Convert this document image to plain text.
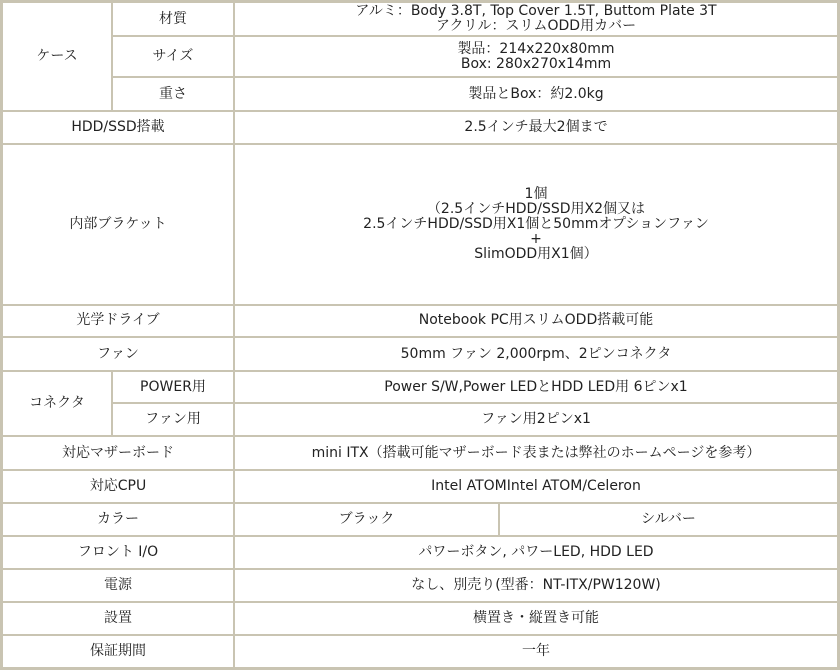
ケース	材質	アルミ：Body 3.8T, Top Cover 1.5T, Buttom Plate 3T
アクリル：スリムODD用カバー	

	サイズ	製品：214x220x80mm
Box: 280x270x14mm	

	重さ	製品とBox：約2.0kg	
HDD/SSD搭載		2.5インチ最大2個まで	
内部ブラケット		1個
（2.5インチHDD/SSD用X2個又は
2.5インチHDD/SSD用X1個と50mmオプションファン
+
SlimODD用X1個）	

光学ドライブ		Notebook PC用スリムODD搭載可能	
ファン		50mm ファン 2,000rpm、2ピンコネクタ	
コネクタ	POWER用	Power S/W,Power LEDとHDD LED用 6ピンx1	
	ファン用	ファン用2ピンx1	
対応マザーボード		mini ITX（搭載可能マザーボード表または弊社のホームページを参考）	
対応CPU		Intel ATOMIntel ATOM/Celeron	
カラー		ブラック	シルバー
フロント I/O		パワーボタン, パワーLED, HDD LED	
電源		なし、別売り(型番：NT-ITX/PW120W)	
設置		横置き・縦置き可能	
保証期間		一年	
